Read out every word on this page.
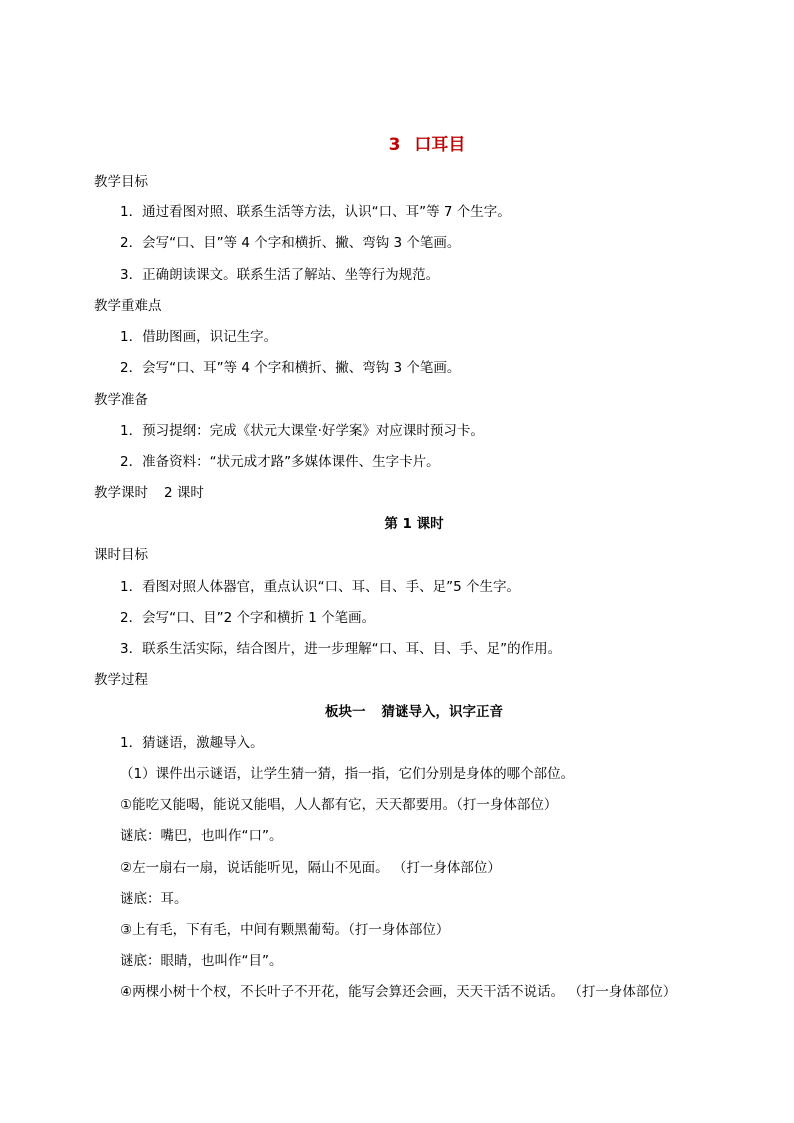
3 口耳目
教学目标
1．通过看图对照、联系生活等方法，认识“口、耳”等 7 个生字。
2．会写“口、目”等 4 个字和横折、撇、弯钩 3 个笔画。
3．正确朗读课文。联系生活了解站、坐等行为规范。
教学重难点
1．借助图画，识记生字。
2．会写“口、耳”等 4 个字和横折、撇、弯钩 3 个笔画。
教学准备
1．预习提纲：完成《状元大课堂·好学案》对应课时预习卡。
2．准备资料：“状元成才路”多媒体课件、生字卡片。
教学课时 2 课时
第 1 课时
课时目标
1．看图对照人体器官，重点认识“口、耳、目、手、足”5 个生字。
2．会写“口、目”2 个字和横折 1 个笔画。
3．联系生活实际，结合图片，进一步理解“口、耳、目、手、足”的作用。
教学过程
板块一 猜谜导入，识字正音
1．猜谜语，激趣导入。
（1）课件出示谜语，让学生猜一猜，指一指，它们分别是身体的哪个部位。
①能吃又能喝，能说又能唱，人人都有它，天天都要用。（打一身体部位）
谜底：嘴巴，也叫作“口”。
②左一扇右一扇，说话能听见，隔山不见面。 （打一身体部位）
谜底：耳。
③上有毛，下有毛，中间有颗黑葡萄。（打一身体部位）
谜底：眼睛，也叫作“目”。
④两棵小树十个杈，不长叶子不开花，能写会算还会画，天天干活不说话。 （打一身体部位）
